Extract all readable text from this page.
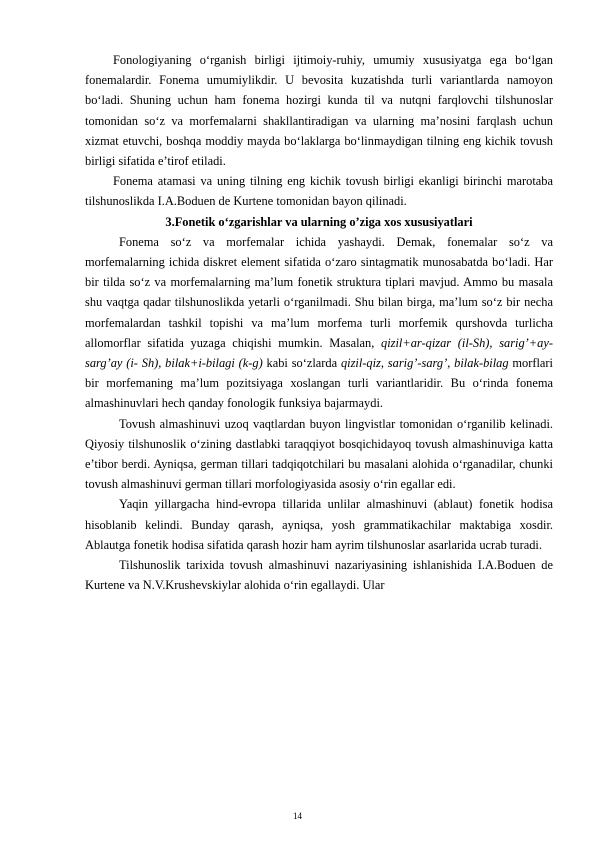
Fonologiyaning o‘rganish birligi ijtimoiy-ruhiy, umumiy xususiyatga ega bo‘lgan fonemalardir. Fonema umumiylikdir. U bevosita kuzatishda turli variantlarda namoyon bo‘ladi. Shuning uchun ham fonema hozirgi kunda til va nutqni farqlovchi tilshunoslar tomonidan so‘z va morfemalarni shakllantiradigan va ularning ma’nosini farqlash uchun xizmat etuvchi, boshqa moddiy mayda bo‘laklarga bo‘linmaydigan tilning eng kichik tovush birligi sifatida e’tirof etiladi.

Fonema atamasi va uning tilning eng kichik tovush birligi ekanligi birinchi marotaba tilshunoslikda I.A.Boduen de Kurtene tomonidan bayon qilinadi.

3.Fonetik o‘zgarishlar va ularning o’ziga xos xususiyatlari

Fonema so‘z va morfemalar ichida yashaydi. Demak, fonemalar so‘z va morfemalarning ichida diskret element sifatida o‘zaro sintagmatik munosabatda bo‘ladi. Har bir tilda so‘z va morfemalarning ma’lum fonetik struktura tiplari mavjud. Ammo bu masala shu vaqtga qadar tilshunoslikda yetarli o‘rganilmadi. Shu bilan birga, ma’lum so‘z bir necha morfemalardan tashkil topishi va ma’lum morfema turli morfemik qurshovda turlicha allomorflar sifatida yuzaga chiqishi mumkin. Masalan, qizil+ar-qizar (il-Sh), sarig’+ay-sarg’ay (i- Sh), bilak+i-bilagi (k-g) kabi so‘zlarda qizil-qiz, sarig’-sarg’, bilak-bilag morflari bir morfemaning ma’lum pozitsiyaga xoslangan turli variantlaridir. Bu o‘rinda fonema almashinuvlari hech qanday fonologik funksiya bajarmaydi.

Tovush almashinuvi uzoq vaqtlardan buyon lingvistlar tomonidan o‘rganilib kelinadi. Qiyosiy tilshunoslik o‘zining dastlabki taraqqiyot bosqichidayoq tovush almashinuviga katta e’tibor berdi. Ayniqsa, german tillari tadqiqotchilari bu masalani alohida o‘rganadilar, chunki tovush almashinuvi german tillari morfologiyasida asosiy o‘rin egallar edi.

Yaqin yillargacha hind-evropa tillarida unlilar almashinuvi (ablaut) fonetik hodisa hisoblanib kelindi. Bunday qarash, ayniqsa, yosh grammatikachilar maktabiga xosdir. Ablautga fonetik hodisa sifatida qarash hozir ham ayrim tilshunoslar asarlarida ucrab turadi.

Tilshunoslik tarixida tovush almashinuvi nazariyasining ishlanishida I.A.Boduen de Kurtene va N.V.Krushevskiylar alohida o‘rin egallaydi. Ular

14
